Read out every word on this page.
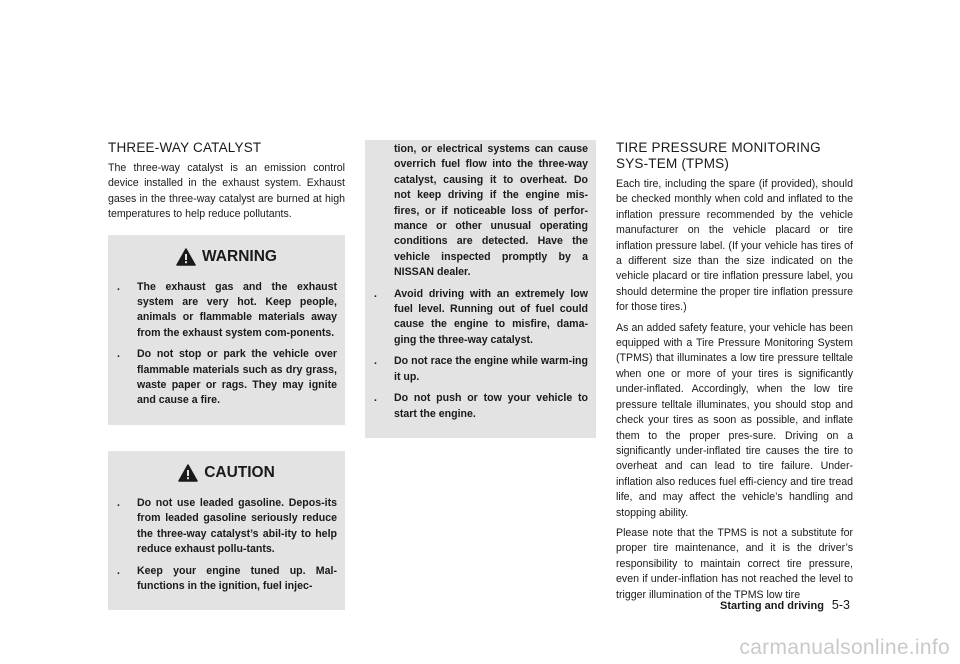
THREE-WAY CATALYST

The three-way catalyst is an emission control device installed in the exhaust system. Exhaust gases in the three-way catalyst are burned at high temperatures to help reduce pollutants.

WARNING
. The exhaust gas and the exhaust system are very hot. Keep people, animals or flammable materials away from the exhaust system com-ponents.
. Do not stop or park the vehicle over flammable materials such as dry grass, waste paper or rags. They may ignite and cause a fire.
CAUTION
. Do not use leaded gasoline. Depos-its from leaded gasoline seriously reduce the three-way catalyst’s abil-ity to help reduce exhaust pollu-tants.
. Keep your engine tuned up. Mal-functions in the ignition, fuel injec-
tion, or electrical systems can cause overrich fuel flow into the three-way catalyst, causing it to overheat. Do not keep driving if the engine mis-fires, or if noticeable loss of perfor-mance or other unusual operating conditions are detected. Have the vehicle inspected promptly by a NISSAN dealer.
. Avoid driving with an extremely low fuel level. Running out of fuel could cause the engine to misfire, dama-ging the three-way catalyst.
. Do not race the engine while warm-ing it up.
. Do not push or tow your vehicle to start the engine.
TIRE PRESSURE MONITORING SYS-TEM (TPMS)

Each tire, including the spare (if provided), should be checked monthly when cold and inflated to the inflation pressure recommended by the vehicle manufacturer on the vehicle placard or tire inflation pressure label. (If your vehicle has tires of a different size than the size indicated on the vehicle placard or tire inflation pressure label, you should determine the proper tire inflation pressure for those tires.)

As an added safety feature, your vehicle has been equipped with a Tire Pressure Monitoring System (TPMS) that illuminates a low tire pressure telltale when one or more of your tires is significantly under-inflated. Accordingly, when the low tire pressure telltale illuminates, you should stop and check your tires as soon as possible, and inflate them to the proper pres-sure. Driving on a significantly under-inflated tire causes the tire to overheat and can lead to tire failure. Under-inflation also reduces fuel effi-ciency and tire tread life, and may affect the vehicle’s handling and stopping ability.

Please note that the TPMS is not a substitute for proper tire maintenance, and it is the driver’s responsibility to maintain correct tire pressure, even if under-inflation has not reached the level to trigger illumination of the TPMS low tire

Starting and driving 5-3
carmanualsonline.info
